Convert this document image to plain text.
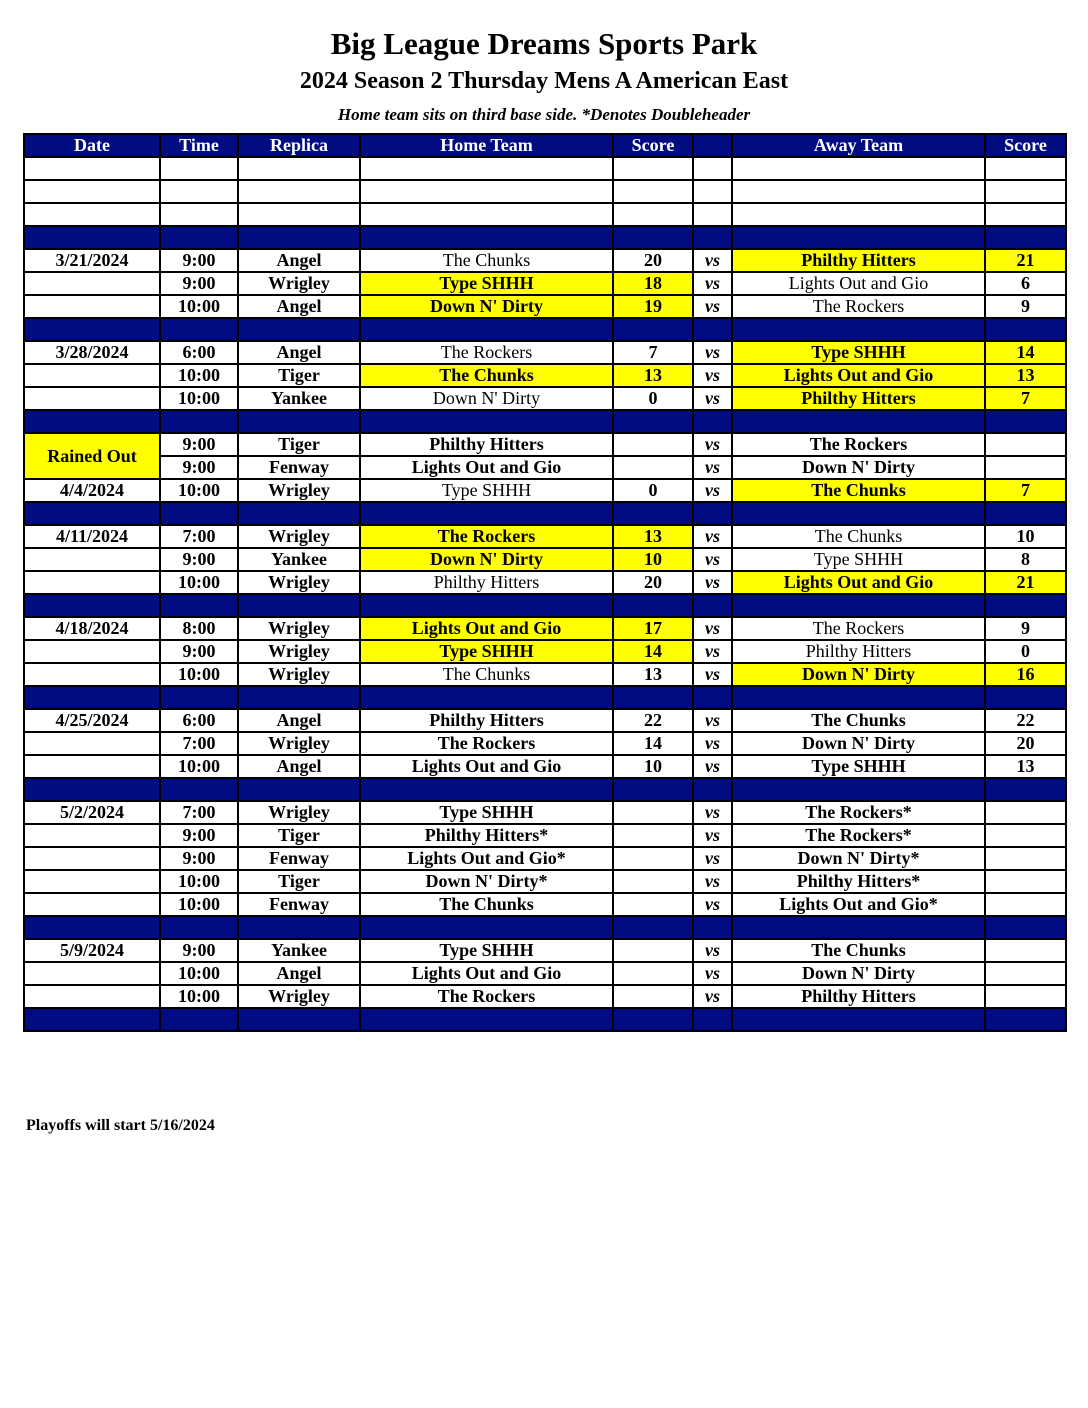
Big League Dreams Sports Park
2024 Season 2 Thursday Mens A American East
Home team sits on third base side. *Denotes Doubleheader
Date	Time	Replica	Home Team	Score		Away Team	Score

3/21/2024	9:00	Angel	The Chunks	20	vs	Philthy Hitters	21
	9:00	Wrigley	Type SHHH	18	vs	Lights Out and Gio	6
	10:00	Angel	Down N' Dirty	19	vs	The Rockers	9

3/28/2024	6:00	Angel	The Rockers	7	vs	Type SHHH	14
	10:00	Tiger	The Chunks	13	vs	Lights Out and Gio	13
	10:00	Yankee	Down N' Dirty	0	vs	Philthy Hitters	7

Rained Out	9:00	Tiger	Philthy Hitters		vs	The Rockers	
	9:00	Fenway	Lights Out and Gio		vs	Down N' Dirty	
4/4/2024	10:00	Wrigley	Type SHHH	0	vs	The Chunks	7

4/11/2024	7:00	Wrigley	The Rockers	13	vs	The Chunks	10
	9:00	Yankee	Down N' Dirty	10	vs	Type SHHH	8
	10:00	Wrigley	Philthy Hitters	20	vs	Lights Out and Gio	21

4/18/2024	8:00	Wrigley	Lights Out and Gio	17	vs	The Rockers	9
	9:00	Wrigley	Type SHHH	14	vs	Philthy Hitters	0
	10:00	Wrigley	The Chunks	13	vs	Down N' Dirty	16

4/25/2024	6:00	Angel	Philthy Hitters	22	vs	The Chunks	22
	7:00	Wrigley	The Rockers	14	vs	Down N' Dirty	20
	10:00	Angel	Lights Out and Gio	10	vs	Type SHHH	13

5/2/2024	7:00	Wrigley	Type SHHH		vs	The Rockers*	
	9:00	Tiger	Philthy Hitters*		vs	The Rockers*	
	9:00	Fenway	Lights Out and Gio*		vs	Down N' Dirty*	
	10:00	Tiger	Down N' Dirty*		vs	Philthy Hitters*	
	10:00	Fenway	The Chunks		vs	Lights Out and Gio*	

5/9/2024	9:00	Yankee	Type SHHH		vs	The Chunks	
	10:00	Angel	Lights Out and Gio		vs	Down N' Dirty	
	10:00	Wrigley	The Rockers		vs	Philthy Hitters	

Playoffs will start 5/16/2024
